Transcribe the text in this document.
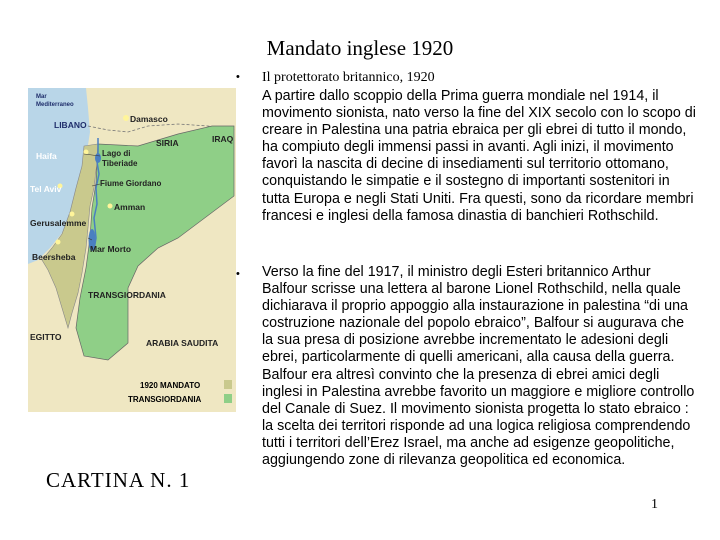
Mandato inglese 1920
Mar
Mediterraneo
LIBANO
Damasco
SIRIA	IRAQ
Haifa	Lago di
Tiberiade
Tel Aviv
Fiume Giordano
Gerusalemme
Amman
Mar Morto
Beersheba
TRANSGIORDANIA
EGITTO
ARABIA SAUDITA
1920 MANDATO
TRANSGIORDANIA
CARTINA N. 1
•
•
Il protettorato britannico, 1920
A partire dallo scoppio della Prima guerra mondiale nel 1914, il movimento sionista, nato verso la fine del XIX secolo con lo scopo di creare in Palestina una patria ebraica per gli ebrei di tutto il mondo, ha compiuto degli immensi passi in avanti. Agli inizi, il movimento favorì la nascita di decine di insediamenti sul territorio ottomano, conquistando le simpatie e il sostegno di importanti sostenitori in tutta Europa e negli Stati Uniti. Fra questi, sono da ricordare membri francesi e inglesi della famosa dinastia di banchieri Rothschild.
Verso la fine del 1917, il ministro degli Esteri britannico Arthur Balfour scrisse una lettera al barone Lionel Rothschild, nella quale dichiarava il proprio appoggio alla instaurazione in palestina “di una costruzione nazionale del popolo ebraico”, Balfour si augurava che la sua presa di posizione avrebbe incrementato le adesioni degli ebrei, particolarmente di quelli americani, alla causa della guerra. Balfour era altresì convinto che la presenza di ebrei amici degli inglesi in Palestina avrebbe favorito un maggiore e migliore controllo del Canale di Suez. Il movimento sionista progetta lo stato ebraico : la scelta dei territori risponde ad una logica religiosa comprendendo tutti i territori dell’Erez Israel, ma anche ad esigenze geopolitiche, aggiungendo zone di rilevanza geopolitica ed economica.
1
